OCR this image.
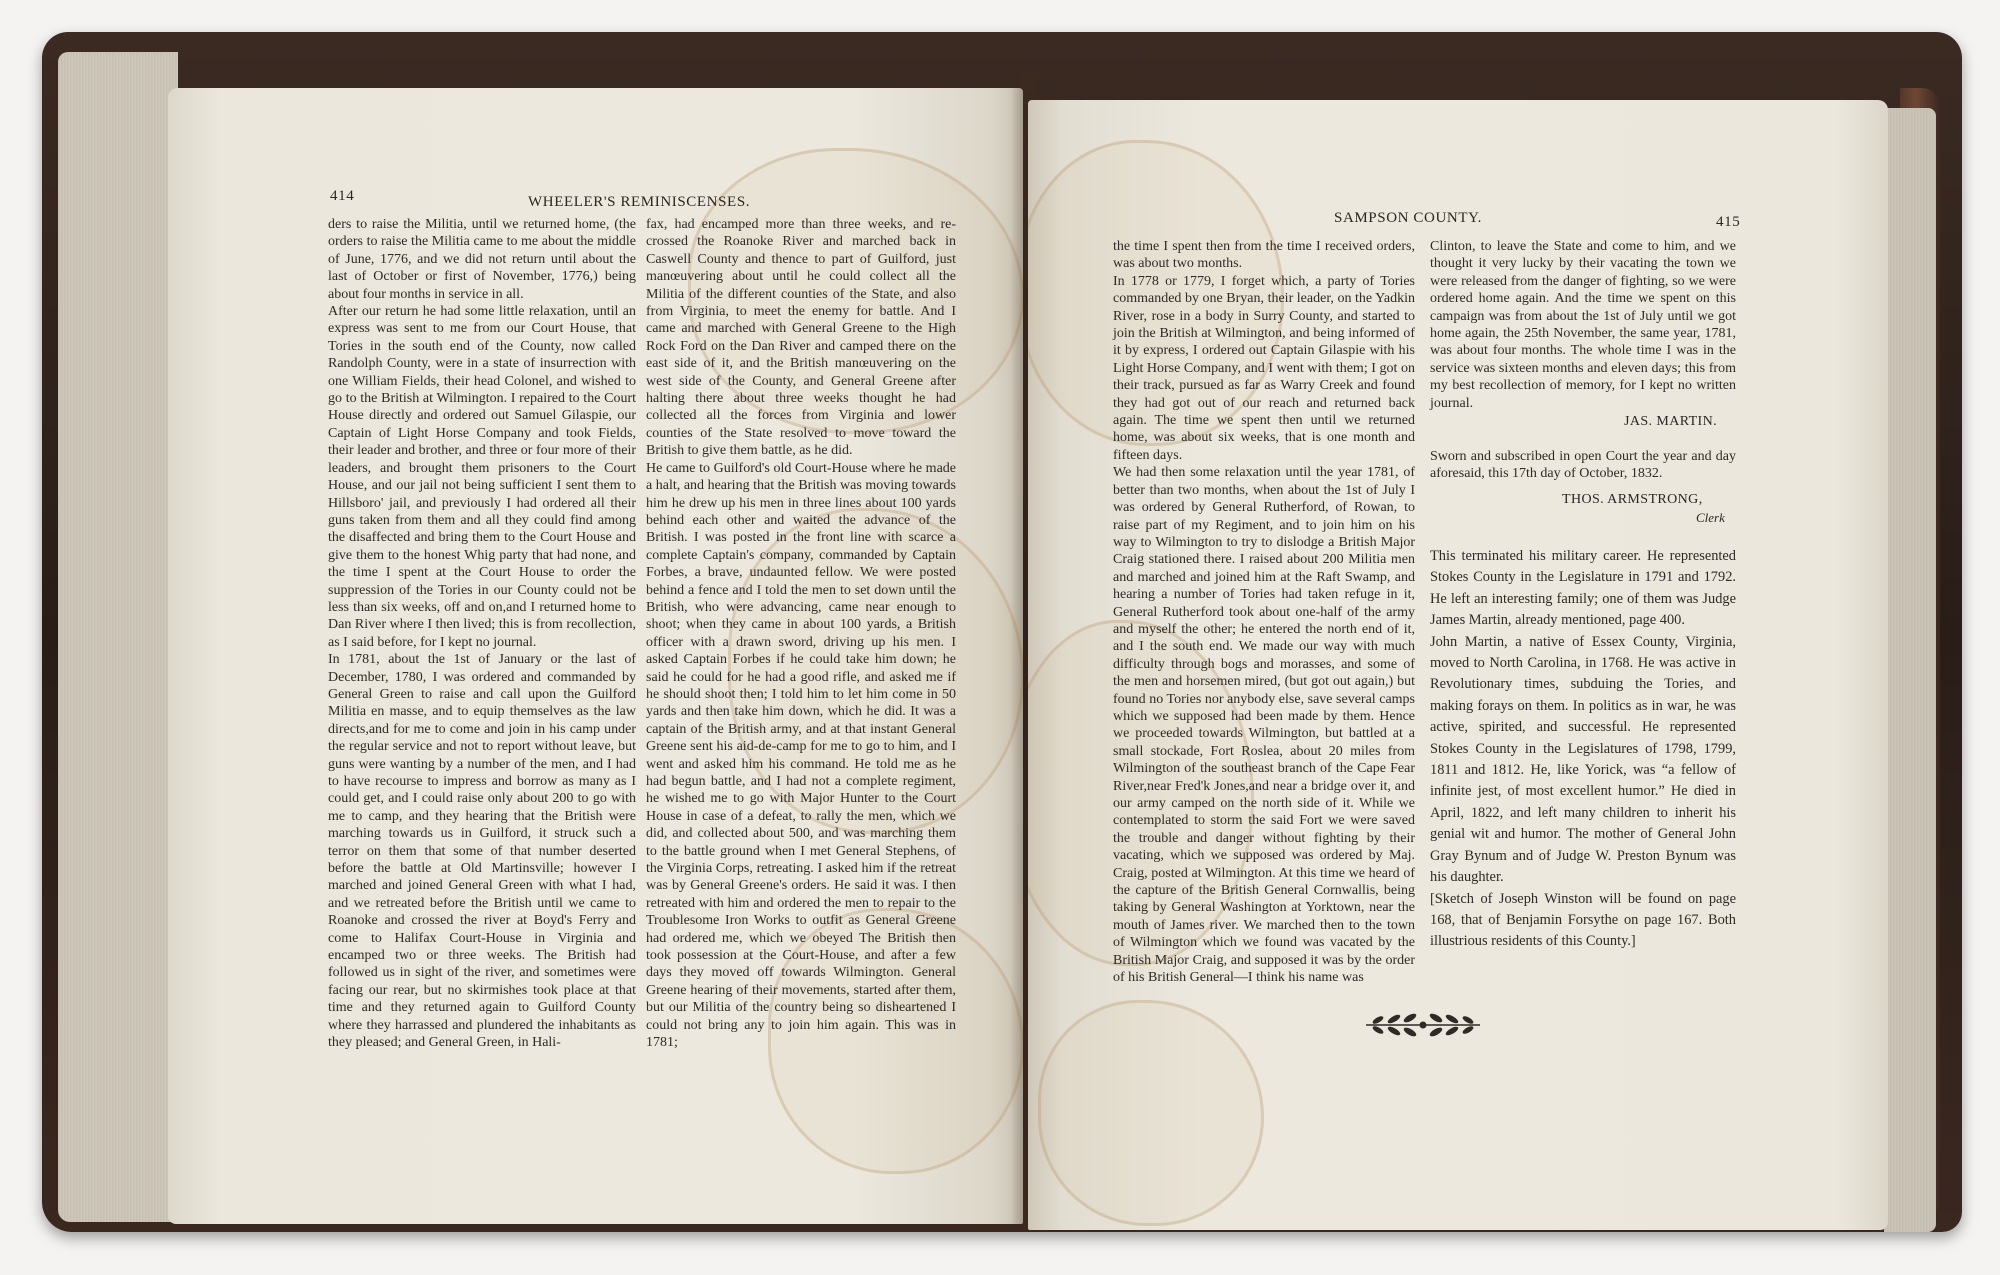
414	WHEELER'S REMINISCENSES.
ders to raise the Militia, until we returned home, (the orders to raise the Militia came to me about the middle of June, 1776, and we did not return until about the last of October or first of November, 1776,) being about four months in service in all.
After our return he had some little relaxation, until an express was sent to me from our Court House, that Tories in the south end of the County, now called Randolph County, were in a state of insurrection with one William Fields, their head Colonel, and wished to go to the British at Wilmington. I repaired to the Court House directly and ordered out Samuel Gilaspie, our Captain of Light Horse Company and took Fields, their leader and brother, and three or four more of their leaders, and brought them prisoners to the Court House, and our jail not being sufficient I sent them to Hillsboro' jail, and previously I had ordered all their guns taken from them and all they could find among the disaffected and bring them to the Court House and give them to the honest Whig party that had none, and the time I spent at the Court House to order the suppression of the Tories in our County could not be less than six weeks, off and on,and I returned home to Dan River where I then lived; this is from recollection, as I said before, for I kept no journal.
In 1781, about the 1st of January or the last of December, 1780, I was ordered and commanded by General Green to raise and call upon the Guilford Militia en masse, and to equip themselves as the law directs,and for me to come and join in his camp under the regular service and not to report without leave, but guns were wanting by a number of the men, and I had to have recourse to impress and borrow as many as I could get, and I could raise only about 200 to go with me to camp, and they hearing that the British were marching towards us in Guilford, it struck such a terror on them that some of that number deserted before the battle at Old Martinsville; however I marched and joined General Green with what I had, and we retreated before the British until we came to Roanoke and crossed the river at Boyd's Ferry and come to Halifax Court-House in Virginia and encamped two or three weeks. The British had followed us in sight of the river, and sometimes were facing our rear, but no skirmishes took place at that time and they returned again to Guilford County where they harrassed and plundered the inhabitants as they pleased; and General Green, in Hali-
fax, had encamped more than three weeks, and re-crossed the Roanoke River and marched back in Caswell County and thence to part of Guilford, just manœuvering about until he could collect all the Militia of the different counties of the State, and also from Virginia, to meet the enemy for battle. And I came and marched with General Greene to the High Rock Ford on the Dan River and camped there on the east side of it, and the British manœuvering on the west side of the County, and General Greene after halting there about three weeks thought he had collected all the forces from Virginia and lower counties of the State resolved to move toward the British to give them battle, as he did.
He came to Guilford's old Court-House where he made a halt, and hearing that the British was moving towards him he drew up his men in three lines about 100 yards behind each other and waited the advance of the British. I was posted in the front line with scarce a complete Captain's company, commanded by Captain Forbes, a brave, undaunted fellow. We were posted behind a fence and I told the men to set down until the British, who were advancing, came near enough to shoot; when they came in about 100 yards, a British officer with a drawn sword, driving up his men. I asked Captain Forbes if he could take him down; he said he could for he had a good rifle, and asked me if he should shoot then; I told him to let him come in 50 yards and then take him down, which he did. It was a captain of the British army, and at that instant General Greene sent his aid-de-camp for me to go to him, and I went and asked him his command. He told me as he had begun battle, and I had not a complete regiment, he wished me to go with Major Hunter to the Court House in case of a defeat, to rally the men, which we did, and collected about 500, and was marching them to the battle ground when I met General Stephens, of the Virginia Corps, retreating. I asked him if the retreat was by General Greene's orders. He said it was. I then retreated with him and ordered the men to repair to the Troublesome Iron Works to outfit as General Greene had ordered me, which we obeyed The British then took possession at the Court-House, and after a few days they moved off towards Wilmington. General Greene hearing of their movements, started after them, but our Militia of the country being so disheartened I could not bring any to join him again. This was in 1781;
SAMPSON COUNTY.	415
the time I spent then from the time I received orders, was about two months.
In 1778 or 1779, I forget which, a party of Tories commanded by one Bryan, their leader, on the Yadkin River, rose in a body in Surry County, and started to join the British at Wilmington, and being informed of it by express, I ordered out Captain Gilaspie with his Light Horse Company, and I went with them; I got on their track, pursued as far as Warry Creek and found they had got out of our reach and returned back again. The time we spent then until we returned home, was about six weeks, that is one month and fifteen days.
We had then some relaxation until the year 1781, of better than two months, when about the 1st of July I was ordered by General Rutherford, of Rowan, to raise part of my Regiment, and to join him on his way to Wilmington to try to dislodge a British Major Craig stationed there. I raised about 200 Militia men and marched and joined him at the Raft Swamp, and hearing a number of Tories had taken refuge in it, General Rutherford took about one-half of the army and myself the other; he entered the north end of it, and I the south end. We made our way with much difficulty through bogs and morasses, and some of the men and horsemen mired, (but got out again,) but found no Tories nor anybody else, save several camps which we supposed had been made by them. Hence we proceeded towards Wilmington, but battled at a small stockade, Fort Roslea, about 20 miles from Wilmington of the southeast branch of the Cape Fear River,near Fred'k Jones,and near a bridge over it, and our army camped on the north side of it. While we contemplated to storm the said Fort we were saved the trouble and danger without fighting by their vacating, which we supposed was ordered by Maj. Craig, posted at Wilmington. At this time we heard of the capture of the British General Cornwallis, being taking by General Washington at Yorktown, near the mouth of James river. We marched then to the town of Wilmington which we found was vacated by the British Major Craig, and supposed it was by the order of his British General—I think his name was
Clinton, to leave the State and come to him, and we thought it very lucky by their vacating the town we were released from the danger of fighting, so we were ordered home again. And the time we spent on this campaign was from about the 1st of July until we got home again, the 25th November, the same year, 1781, was about four months. The whole time I was in the service was sixteen months and eleven days; this from my best recollection of memory, for I kept no written journal.
JAS. MARTIN.
Sworn and subscribed in open Court the year and day aforesaid, this 17th day of October, 1832.
THOS. ARMSTRONG,
Clerk
This terminated his military career. He represented Stokes County in the Legislature in 1791 and 1792. He left an interesting family; one of them was Judge James Martin, already mentioned, page 400.
John Martin, a native of Essex County, Virginia, moved to North Carolina, in 1768. He was active in Revolutionary times, subduing the Tories, and making forays on them. In politics as in war, he was active, spirited, and successful. He represented Stokes County in the Legislatures of 1798, 1799, 1811 and 1812. He, like Yorick, was “a fellow of infinite jest, of most excellent humor.” He died in April, 1822, and left many children to inherit his genial wit and humor. The mother of General John Gray Bynum and of Judge W. Preston Bynum was his daughter.
[Sketch of Joseph Winston will be found on page 168, that of Benjamin Forsythe on page 167. Both illustrious residents of this County.]
